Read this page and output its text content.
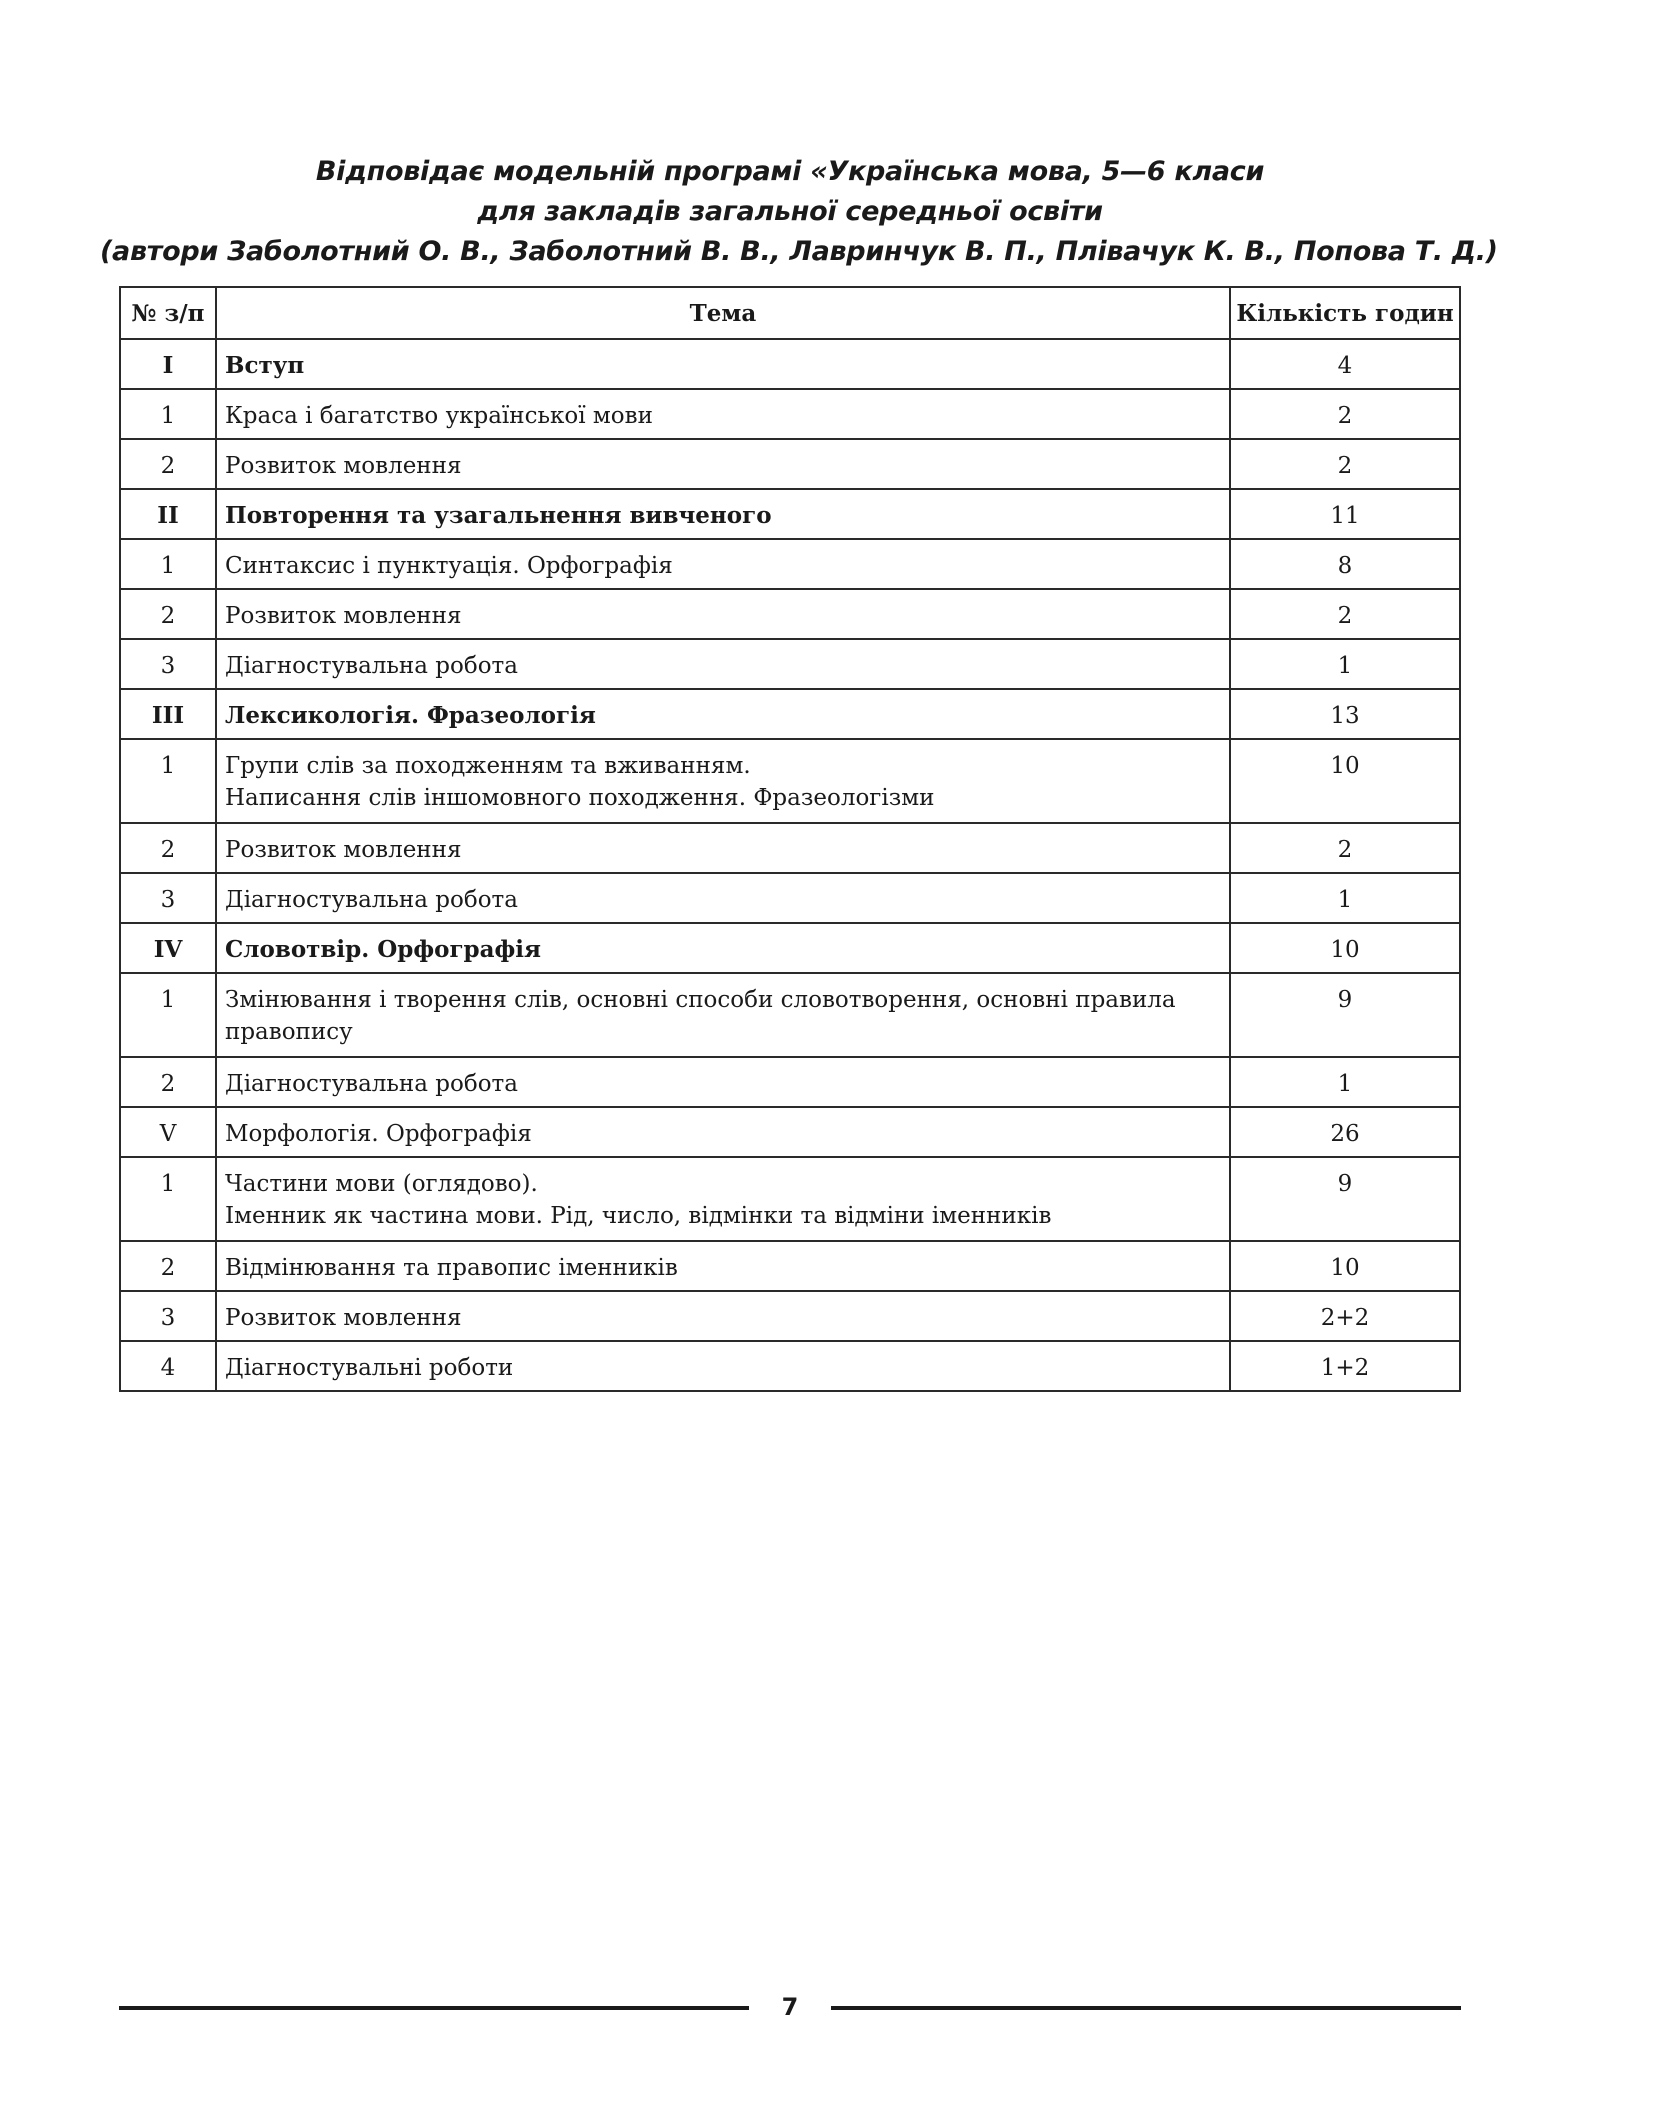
Відповідає модельній програмі «Українська мова, 5—6 класи
для закладів загальної середньої освіти
(автори Заболотний О. В., Заболотний В. В., Лавринчук В. П., Плівачук К. В., Попова Т. Д.)
№ з/п	Тема	Кількість годин
I	Вступ	4
1	Краса і багатство української мови	2
2	Розвиток мовлення	2
II	Повторення та узагальнення вивченого	11
1	Синтаксис і пунктуація. Орфографія	8
2	Розвиток мовлення	2
3	Діагностувальна робота	1
III	Лексикологія. Фразеологія	13
1	Групи слів за походженням та вживанням.
Написання слів іншомовного походження. Фразеологізми	10
2	Розвиток мовлення	2
3	Діагностувальна робота	1
IV	Словотвір. Орфографія	10
1	Змінювання і творення слів, основні способи словотворення, основні правила
правопису	9
2	Діагностувальна робота	1
V	Морфологія. Орфографія	26
1	Частини мови (оглядово).
Іменник як частина мови. Рід, число, відмінки та відміни іменників	9
2	Відмінювання та правопис іменників	10
3	Розвиток мовлення	2+2
4	Діагностувальні роботи	1+2
7
